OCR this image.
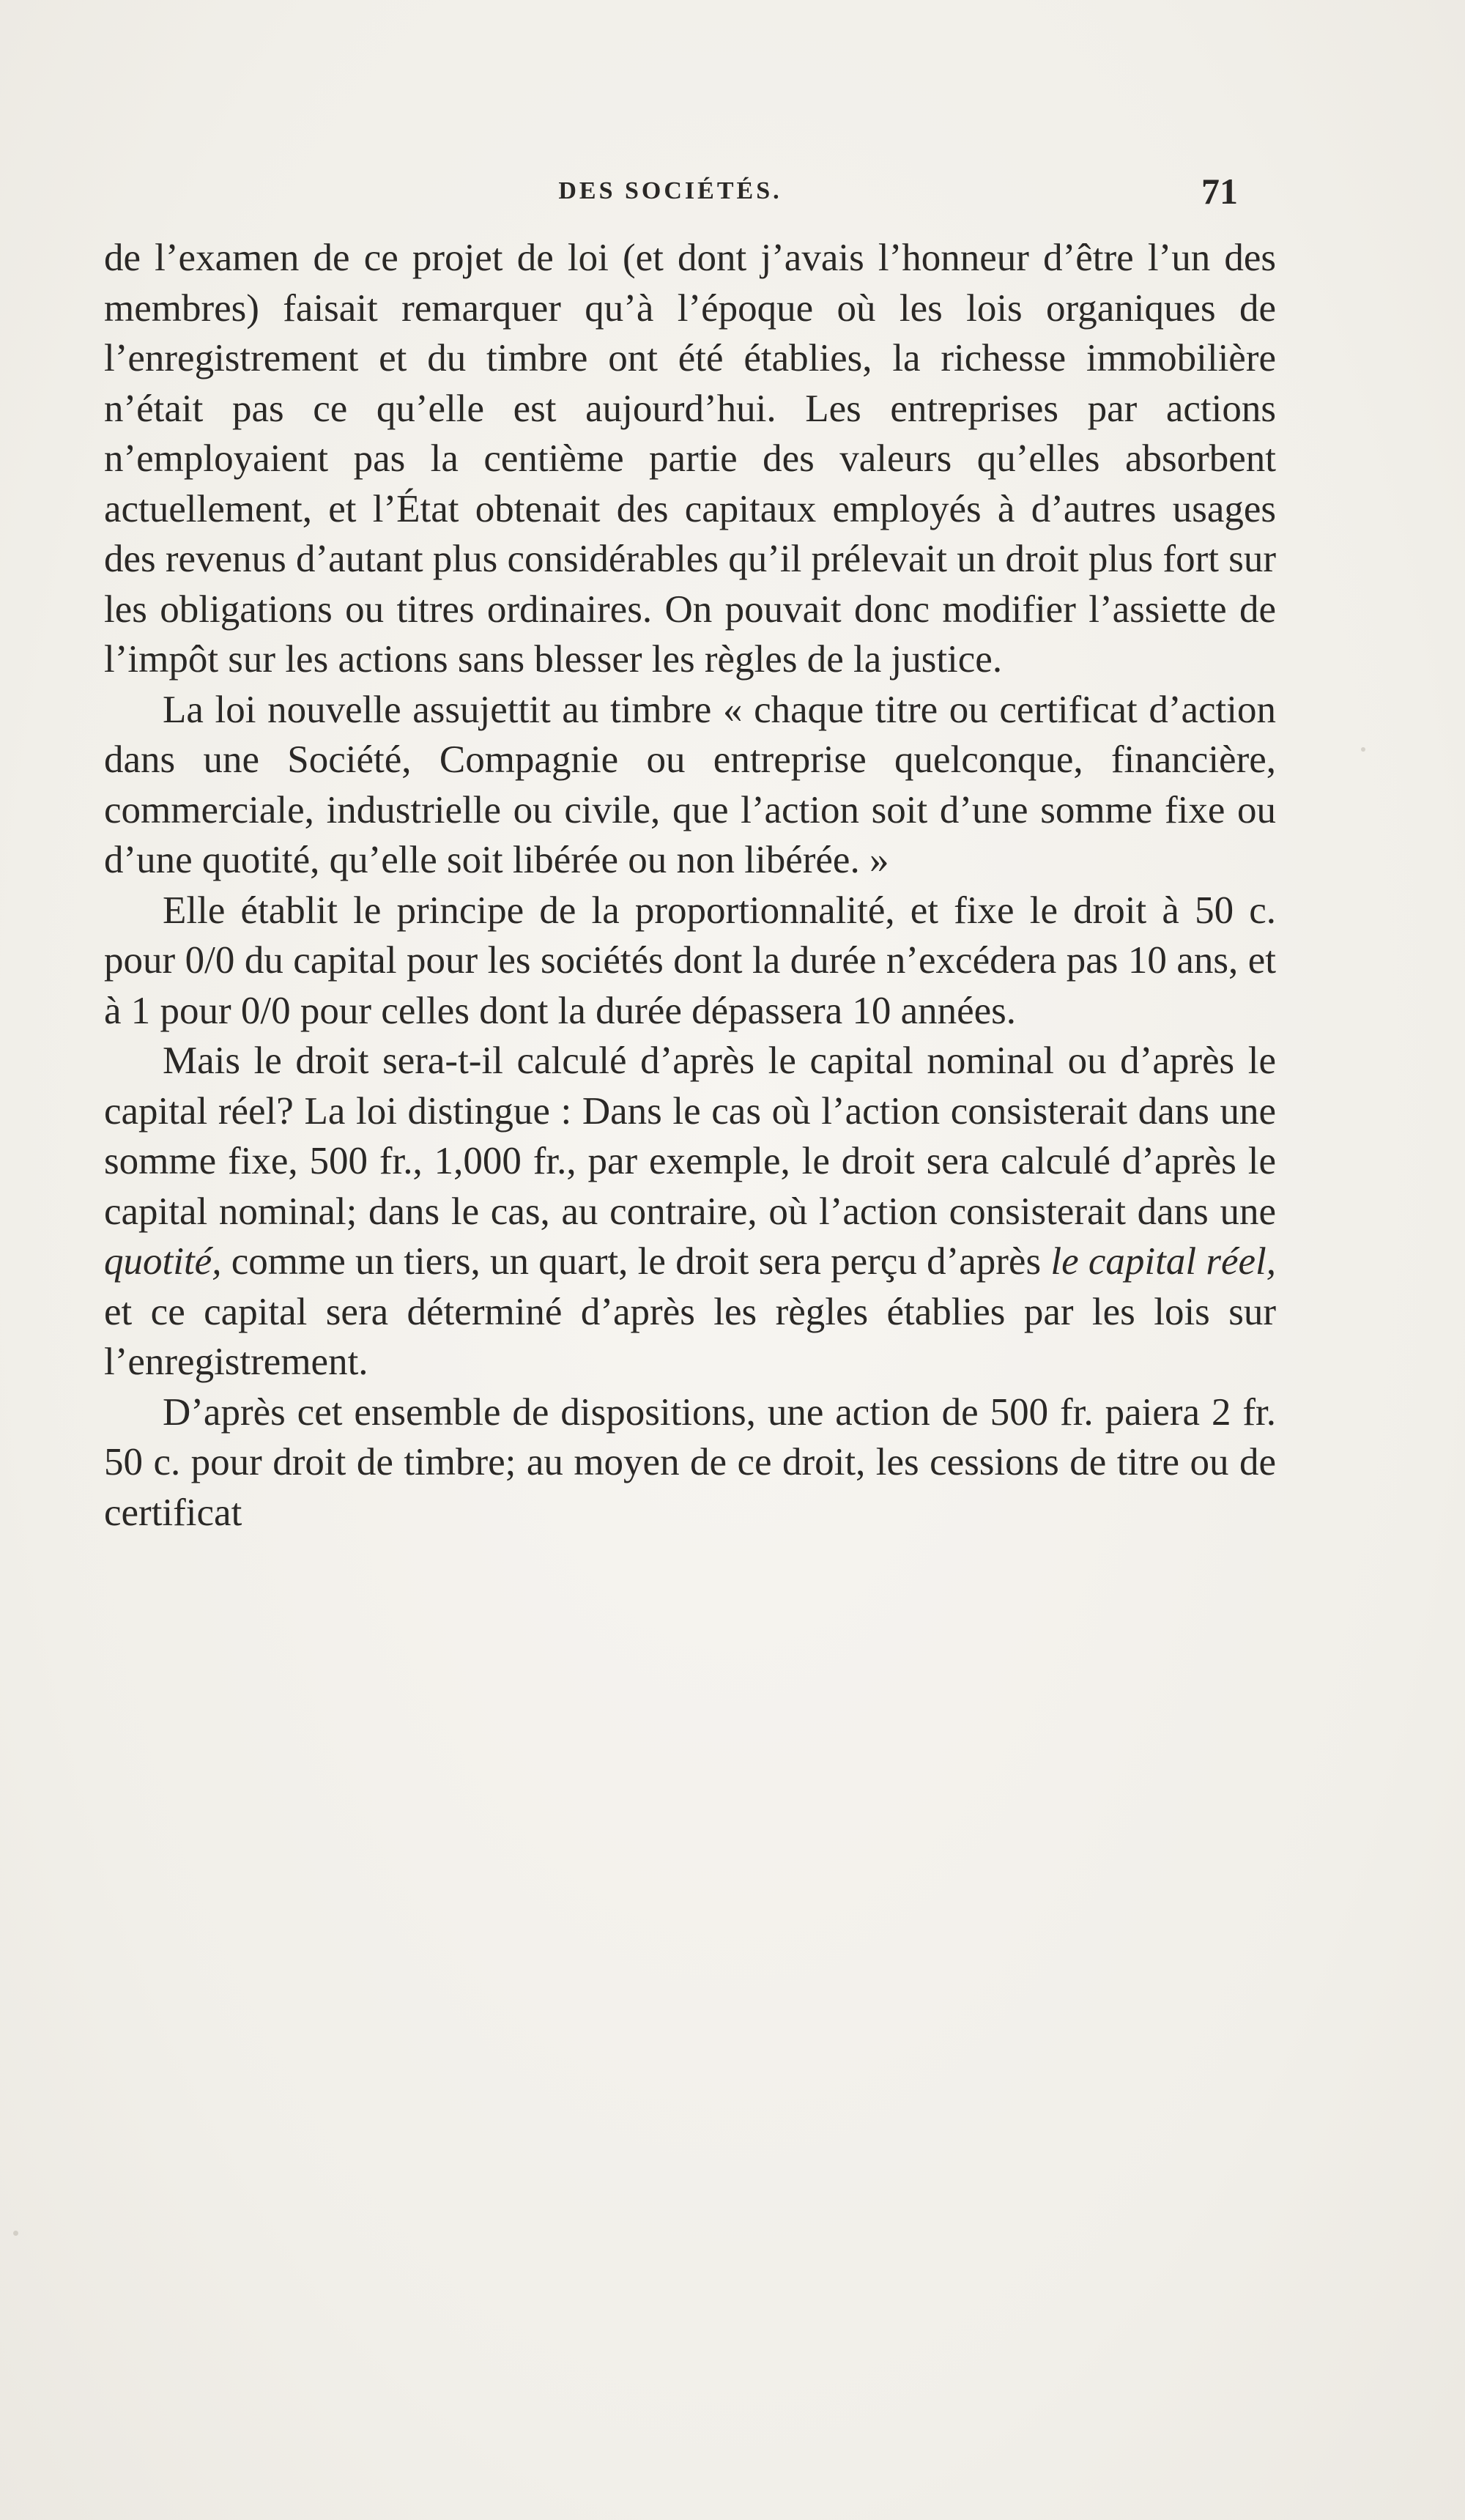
DES SOCIÉTÉS.	71

de l’examen de ce projet de loi (et dont j’avais l’honneur d’être l’un des membres) faisait remarquer qu’à l’époque où les lois organiques de l’enregistrement et du timbre ont été établies, la richesse immobilière n’était pas ce qu’elle est aujourd’hui. Les entreprises par actions n’employaient pas la centième partie des valeurs qu’elles absorbent actuellement, et l’État obtenait des capitaux employés à d’autres usages des revenus d’autant plus considérables qu’il prélevait un droit plus fort sur les obligations ou titres ordinaires. On pouvait donc modifier l’assiette de l’impôt sur les actions sans blesser les règles de la justice.

La loi nouvelle assujettit au timbre « chaque titre ou certificat d’action dans une Société, Compagnie ou entreprise quelconque, financière, commerciale, industrielle ou civile, que l’action soit d’une somme fixe ou d’une quotité, qu’elle soit libérée ou non libérée. »

Elle établit le principe de la proportionnalité, et fixe le droit à 50 c. pour 0/0 du capital pour les sociétés dont la durée n’excédera pas 10 ans, et à 1 pour 0/0 pour celles dont la durée dépassera 10 années.

Mais le droit sera-t-il calculé d’après le capital nominal ou d’après le capital réel? La loi distingue : Dans le cas où l’action consisterait dans une somme fixe, 500 fr., 1,000 fr., par exemple, le droit sera calculé d’après le capital nominal; dans le cas, au contraire, où l’action consisterait dans une quotité, comme un tiers, un quart, le droit sera perçu d’après le capital réel, et ce capital sera déterminé d’après les règles établies par les lois sur l’enregistrement.

D’après cet ensemble de dispositions, une action de 500 fr. paiera 2 fr. 50 c. pour droit de timbre; au moyen de ce droit, les cessions de titre ou de certificat
